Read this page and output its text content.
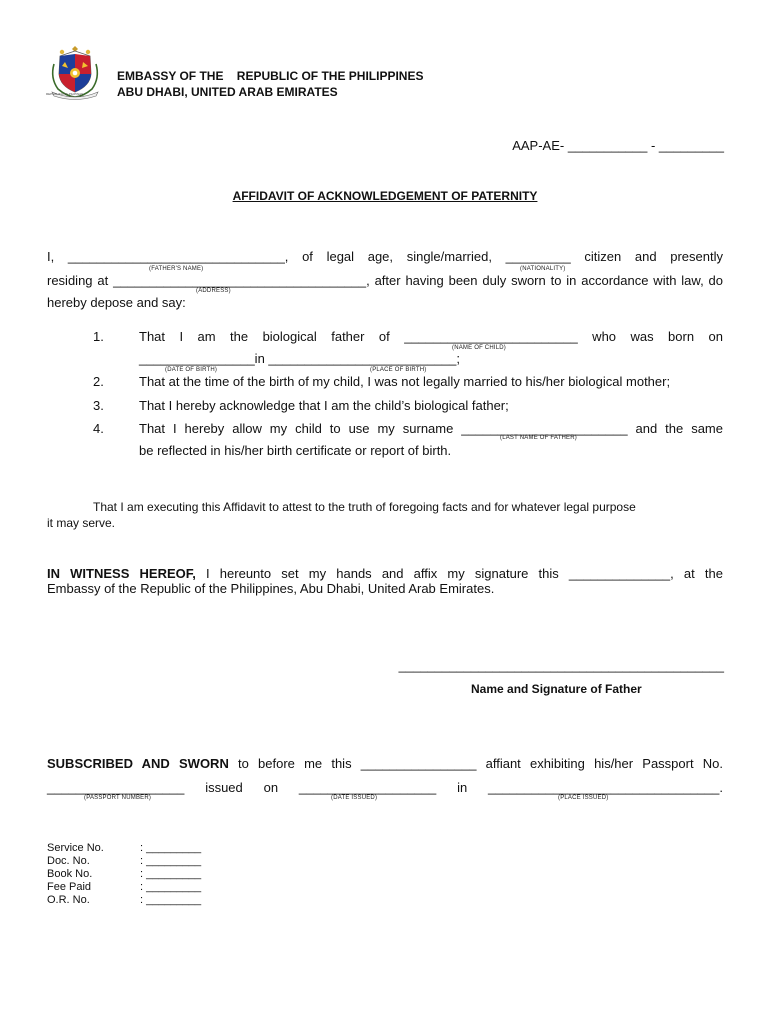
REPUBLIKA NG PILIPINAS
EMBASSY OF THE    REPUBLIC OF THE PHILIPPINES
ABU DHABI, UNITED ARAB EMIRATES
AAP-AE- ___________ - _________
AFFIDAVIT OF ACKNOWLEDGEMENT OF PATERNITY
I, ______________________________, of legal age, single/married, _________ citizen and presently
(FATHER'S NAME)	(NATIONALITY)
residing at ___________________________________, after having been duly sworn to in accordance with law, do
(ADDRESS)
hereby depose and say:
1.	That I am the biological father of ________________________ who was born on
(NAME OF CHILD)
________________in __________________________;
(DATE OF BIRTH)	(PLACE OF BIRTH)
2.	That at the time of the birth of my child, I was not legally married to his/her biological mother;
3.	That I hereby acknowledge that I am the child’s biological father;
4.	That I hereby allow my child to use my surname _______________________ and the same
(LAST NAME OF FATHER)
be reflected in his/her birth certificate or report of birth.
That I am executing this Affidavit to attest to the truth of foregoing facts and for whatever legal purpose
it may serve.
IN WITNESS HEREOF, I hereunto set my hands and affix my signature this ______________, at the
Embassy of the Republic of the Philippines, Abu Dhabi, United Arab Emirates.
_____________________________________________
Name and Signature of Father
SUBSCRIBED AND SWORN to before me this ________________ affiant exhibiting his/her Passport No.
___________________ issued on ___________________ in ________________________________.
(PASSPORT NUMBER)	(DATE ISSUED)	(PLACE ISSUED)
Service No.	: _________
Doc. No.	: _________
Book No.	: _________
Fee Paid	: _________
O.R. No.	: _________
